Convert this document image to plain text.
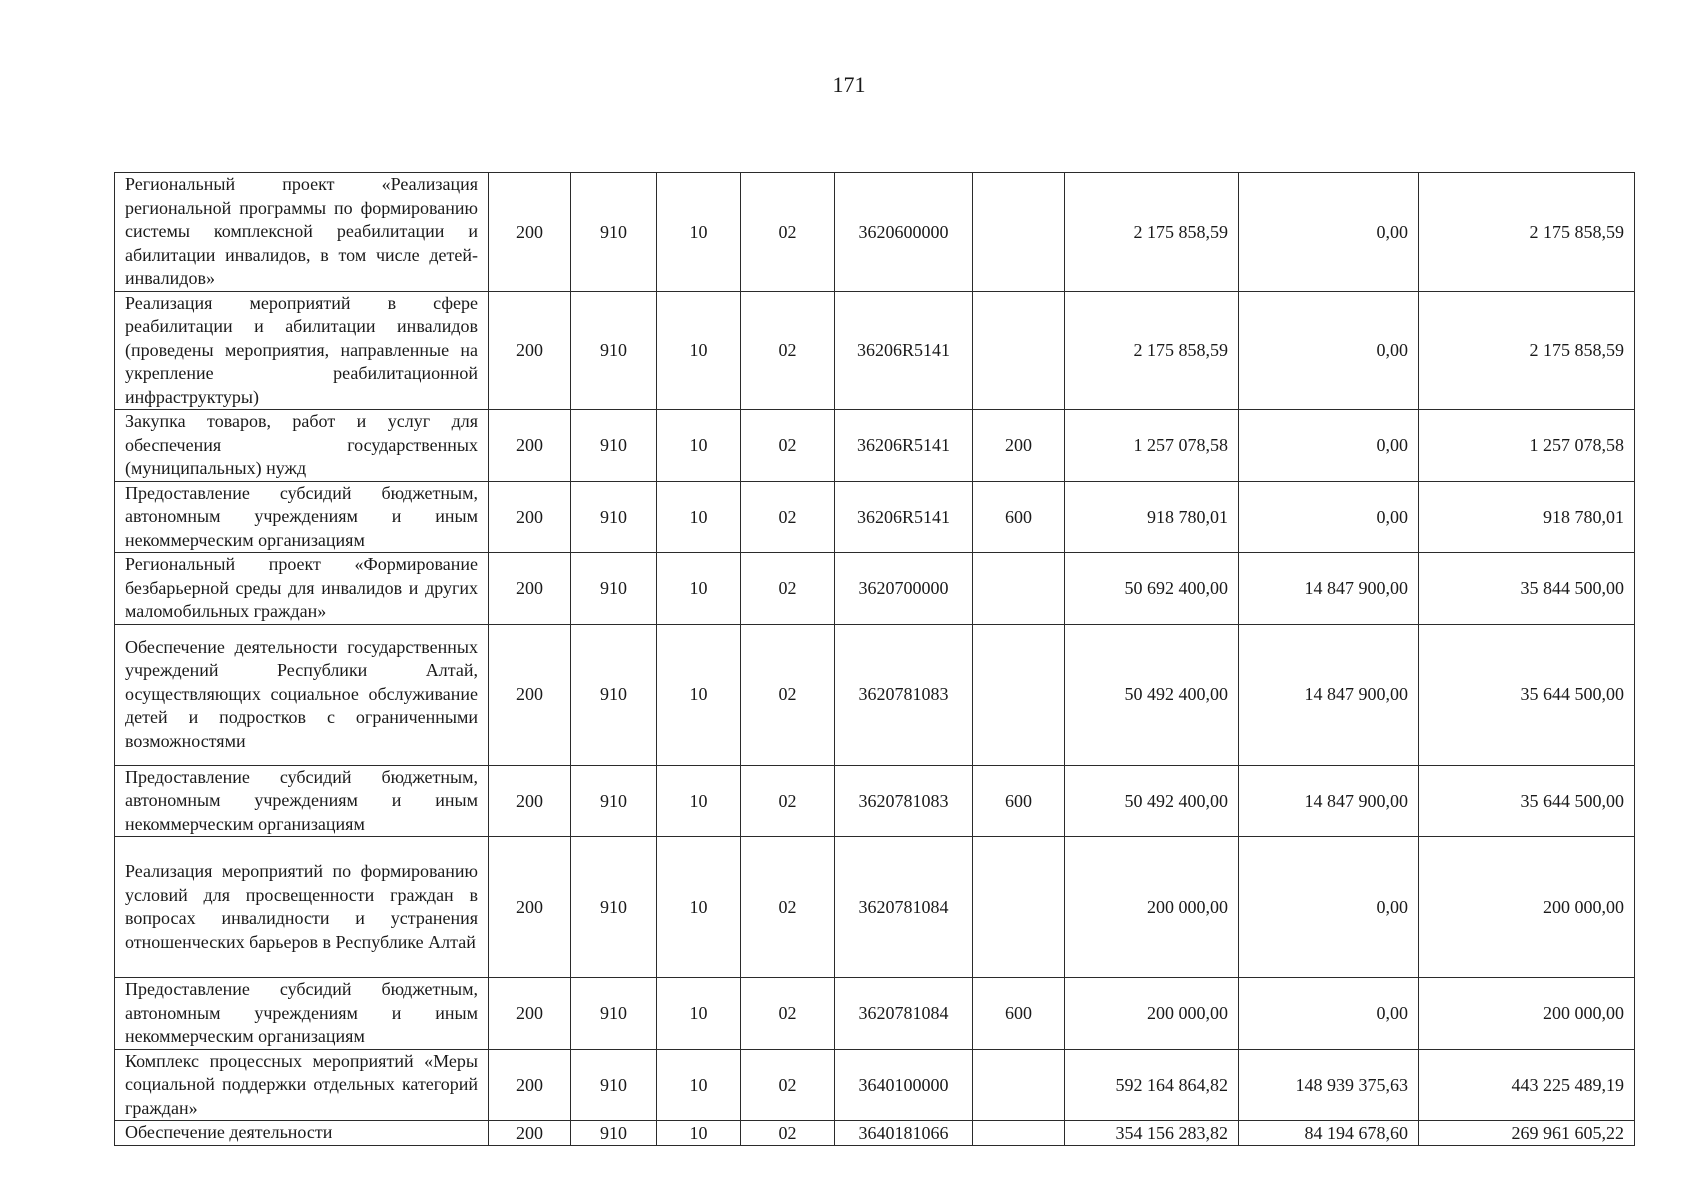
171
Региональный проект «Реализация региональной программы по формированию системы комплексной реабилитации и абилитации инвалидов, в том числе детей-инвалидов»	200	910	10	02	3620600000		2 175 858,59	0,00	2 175 858,59
Реализация мероприятий в сфере реабилитации и абилитации инвалидов (проведены мероприятия, направленные на укрепление реабилитационной инфраструктуры)	200	910	10	02	36206R5141		2 175 858,59	0,00	2 175 858,59
Закупка товаров, работ и услуг для обеспечения государственных (муниципальных) нужд	200	910	10	02	36206R5141	200	1 257 078,58	0,00	1 257 078,58
Предоставление субсидий бюджетным, автономным учреждениям и иным некоммерческим организациям	200	910	10	02	36206R5141	600	918 780,01	0,00	918 780,01
Региональный проект «Формирование безбарьерной среды для инвалидов и других маломобильных граждан»	200	910	10	02	3620700000		50 692 400,00	14 847 900,00	35 844 500,00
Обеспечение деятельности государственных учреждений Республики Алтай, осуществляющих социальное обслуживание детей и подростков с ограниченными возможностями	200	910	10	02	3620781083		50 492 400,00	14 847 900,00	35 644 500,00
Предоставление субсидий бюджетным, автономным учреждениям и иным некоммерческим организациям	200	910	10	02	3620781083	600	50 492 400,00	14 847 900,00	35 644 500,00
Реализация мероприятий по формированию условий для просвещенности граждан в вопросах инвалидности и устранения отношенческих барьеров в Республике Алтай	200	910	10	02	3620781084		200 000,00	0,00	200 000,00
Предоставление субсидий бюджетным, автономным учреждениям и иным некоммерческим организациям	200	910	10	02	3620781084	600	200 000,00	0,00	200 000,00
Комплекс процессных мероприятий «Меры социальной поддержки отдельных категорий граждан»	200	910	10	02	3640100000		592 164 864,82	148 939 375,63	443 225 489,19
Обеспечение деятельности	200	910	10	02	3640181066		354 156 283,82	84 194 678,60	269 961 605,22
